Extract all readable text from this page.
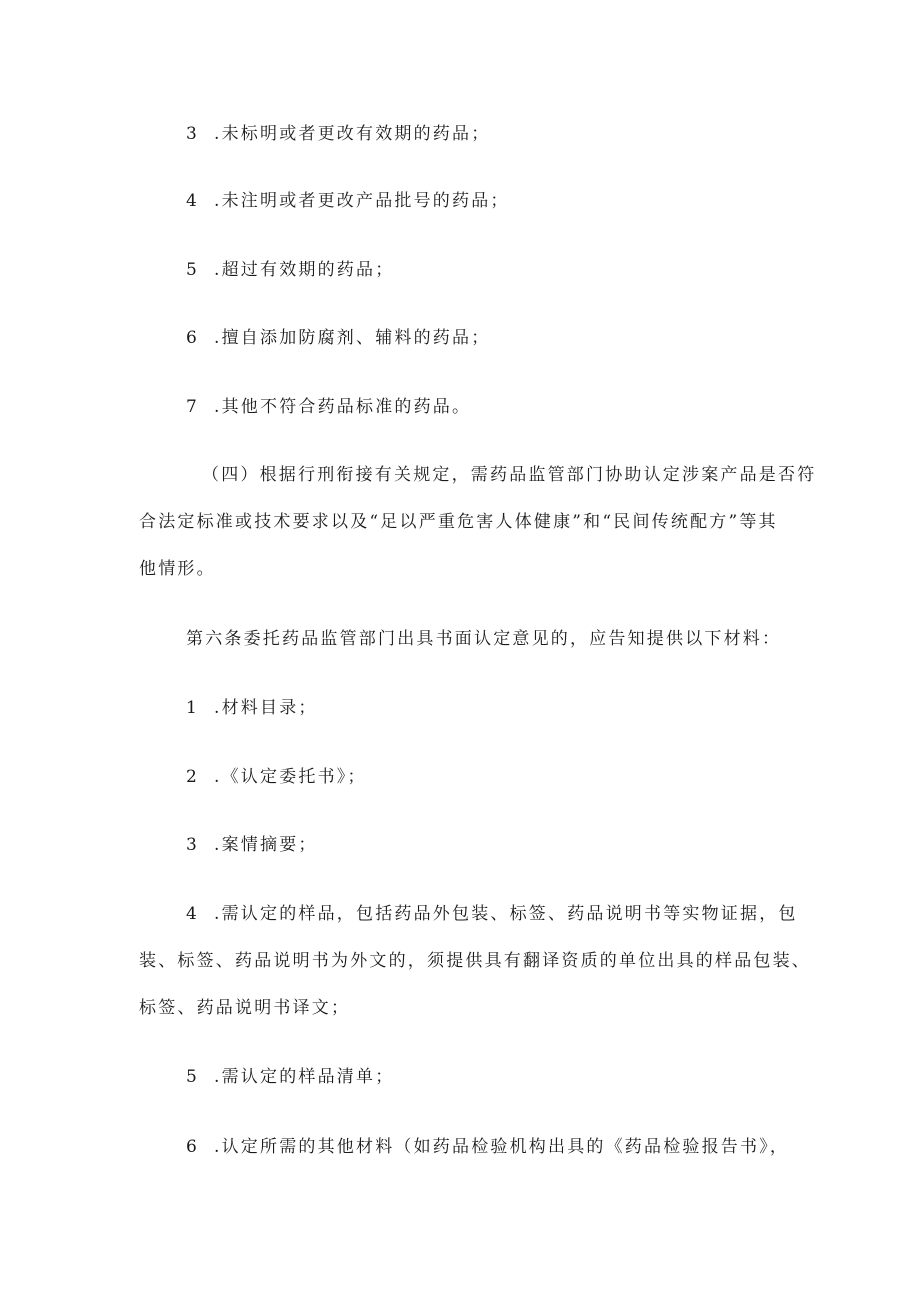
3 .未标明或者更改有效期的药品；
4 .未注明或者更改产品批号的药品；
5 .超过有效期的药品；
6 .擅自添加防腐剂、辅料的药品；
7 .其他不符合药品标准的药品。
（四）根据行刑衔接有关规定，需药品监管部门协助认定涉案产品是否符
合法定标准或技术要求以及“足以严重危害人体健康”和“民间传统配方”等其
他情形。
第六条委托药品监管部门出具书面认定意见的，应告知提供以下材料：
1 .材料目录；
2 .《认定委托书》；
3 .案情摘要；
4 .需认定的样品，包括药品外包装、标签、药品说明书等实物证据，包
装、标签、药品说明书为外文的，须提供具有翻译资质的单位出具的样品包装、
标签、药品说明书译文；
5 .需认定的样品清单；
6 .认定所需的其他材料（如药品检验机构出具的《药品检验报告书》，
